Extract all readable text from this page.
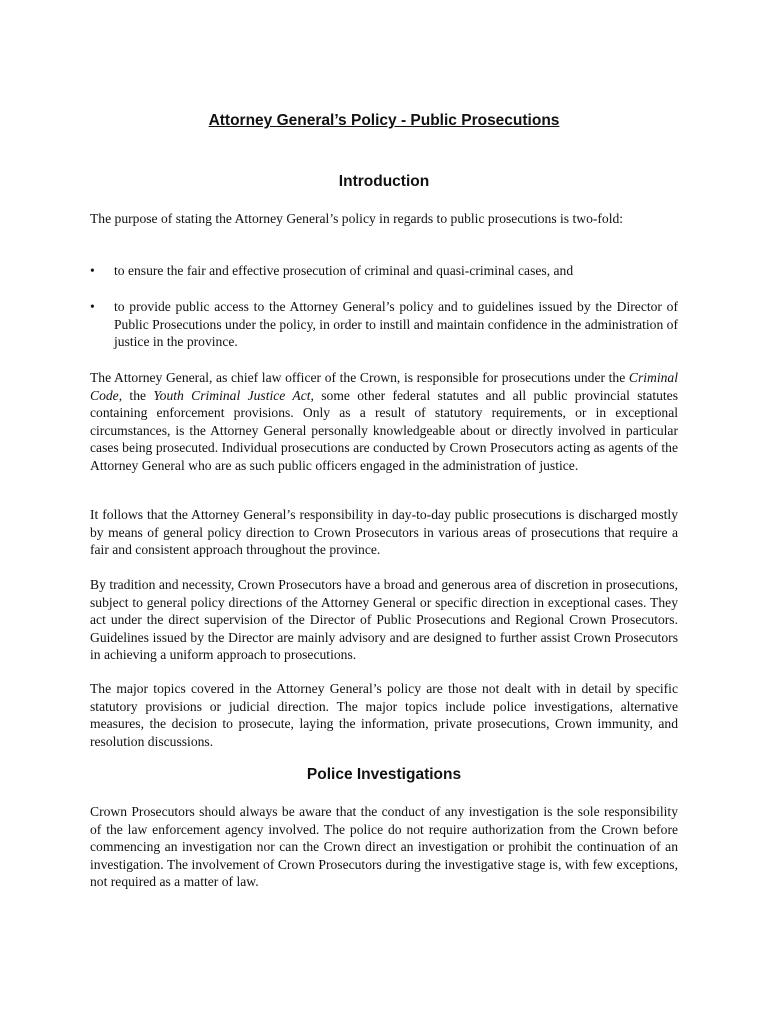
Attorney General’s Policy - Public Prosecutions
Introduction

The purpose of stating the Attorney General’s policy in regards to public prosecutions is two-fold:

• to ensure the fair and effective prosecution of criminal and quasi-criminal cases, and
• to provide public access to the Attorney General’s policy and to guidelines issued by the Director of Public Prosecutions under the policy, in order to instill and maintain confidence in the administration of justice in the province.

The Attorney General, as chief law officer of the Crown, is responsible for prosecutions under the Criminal Code, the Youth Criminal Justice Act, some other federal statutes and all public provincial statutes containing enforcement provisions. Only as a result of statutory requirements, or in exceptional circumstances, is the Attorney General personally knowledgeable about or directly involved in particular cases being prosecuted. Individual prosecutions are conducted by Crown Prosecutors acting as agents of the Attorney General who are as such public officers engaged in the administration of justice.

It follows that the Attorney General’s responsibility in day-to-day public prosecutions is discharged mostly by means of general policy direction to Crown Prosecutors in various areas of prosecutions that require a fair and consistent approach throughout the province.

By tradition and necessity, Crown Prosecutors have a broad and generous area of discretion in prosecutions, subject to general policy directions of the Attorney General or specific direction in exceptional cases. They act under the direct supervision of the Director of Public Prosecutions and Regional Crown Prosecutors. Guidelines issued by the Director are mainly advisory and are designed to further assist Crown Prosecutors in achieving a uniform approach to prosecutions.

The major topics covered in the Attorney General’s policy are those not dealt with in detail by specific statutory provisions or judicial direction. The major topics include police investigations, alternative measures, the decision to prosecute, laying the information, private prosecutions, Crown immunity, and resolution discussions.

Police Investigations

Crown Prosecutors should always be aware that the conduct of any investigation is the sole responsibility of the law enforcement agency involved. The police do not require authorization from the Crown before commencing an investigation nor can the Crown direct an investigation or prohibit the continuation of an investigation. The involvement of Crown Prosecutors during the investigative stage is, with few exceptions, not required as a matter of law.
